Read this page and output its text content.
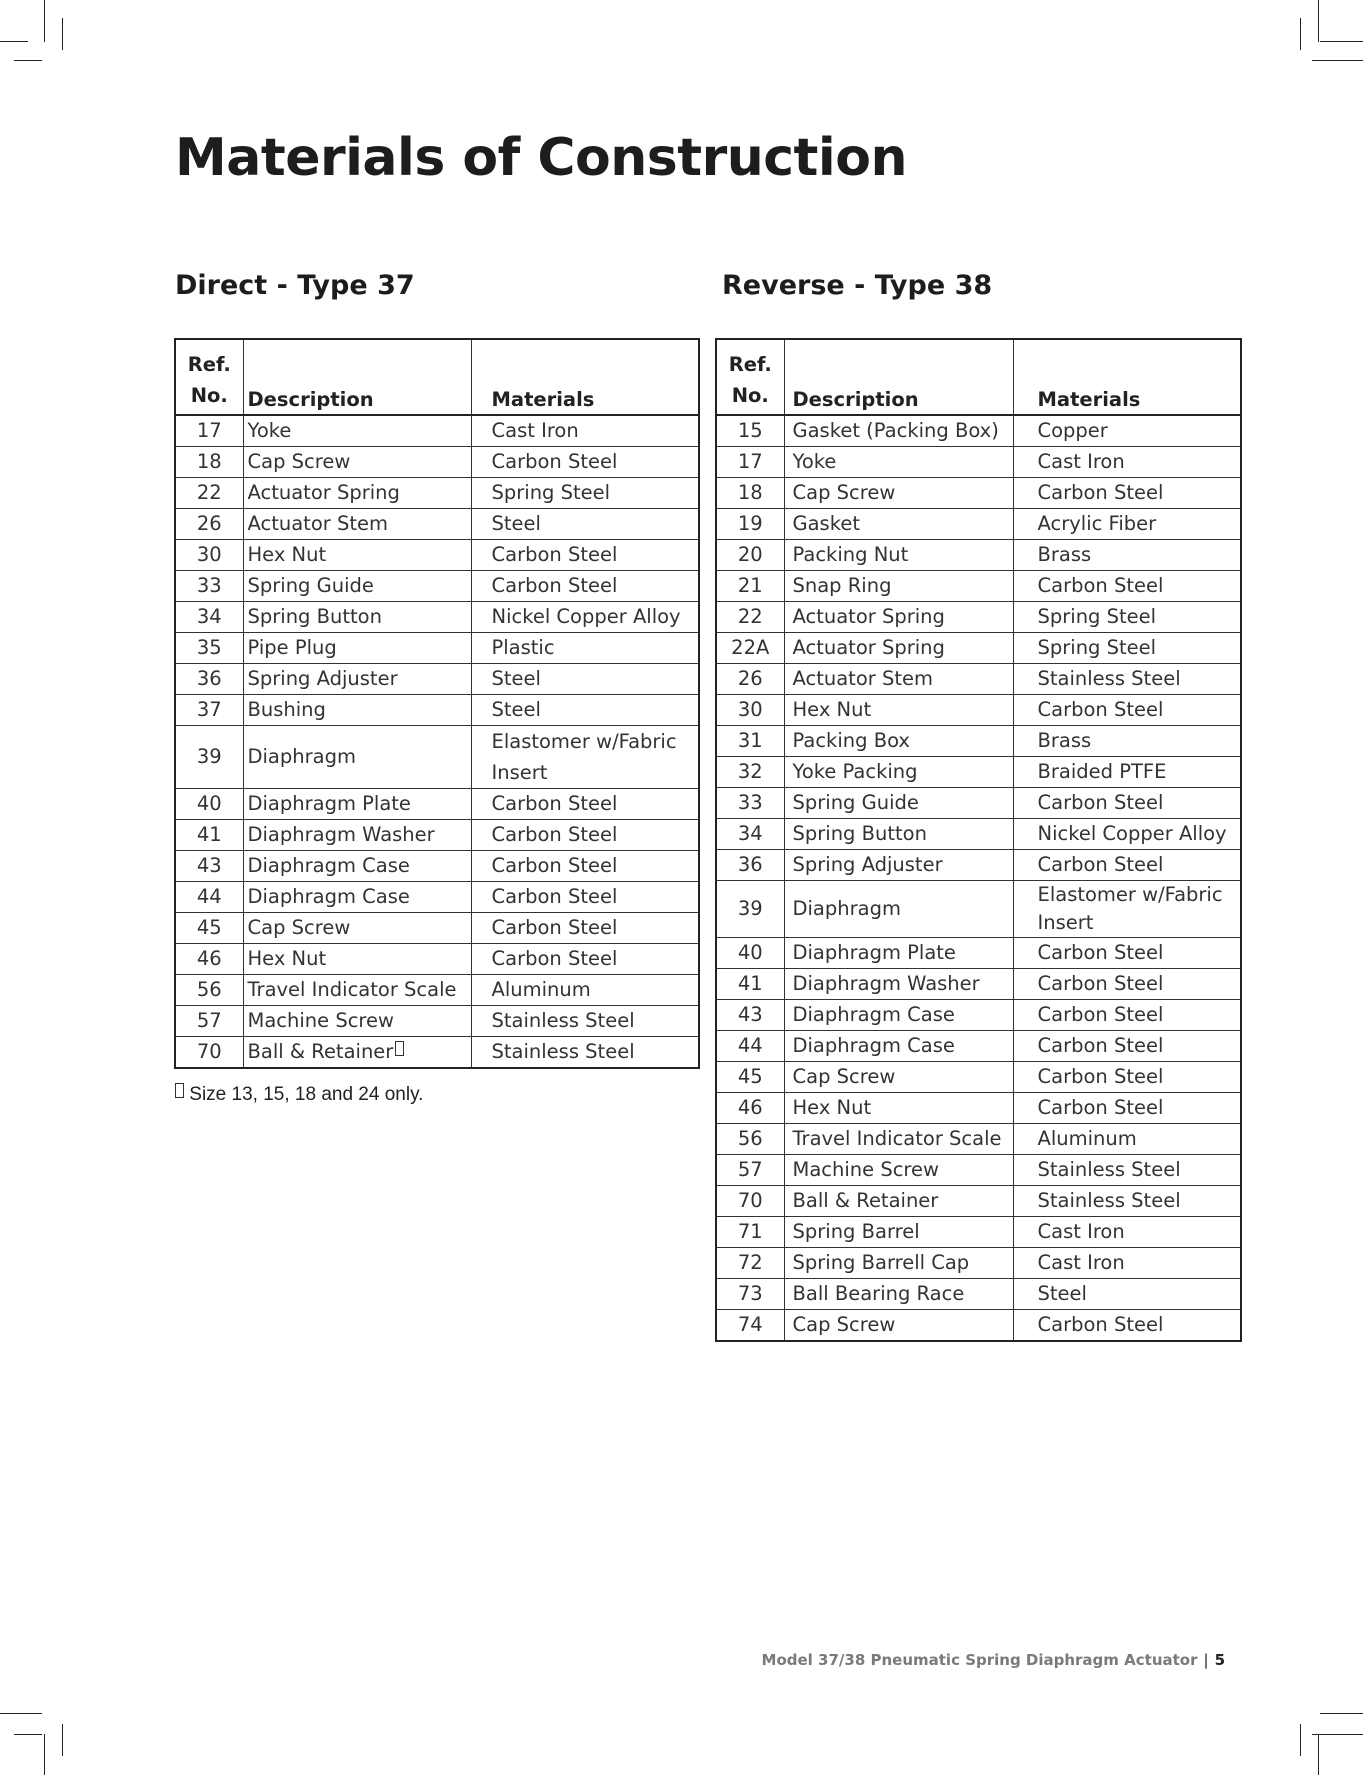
Materials of Construction
Direct - Type 37	Reverse - Type 38
Ref.
No.	Description	Materials
17	Yoke	Cast Iron
18	Cap Screw	Carbon Steel
22	Actuator Spring	Spring Steel
26	Actuator Stem	Steel
30	Hex Nut	Carbon Steel
33	Spring Guide	Carbon Steel
34	Spring Button	Nickel Copper Alloy
35	Pipe Plug	Plastic
36	Spring Adjuster	Steel
37	Bushing	Steel
39	Diaphragm	Elastomer w/Fabric Insert
40	Diaphragm Plate	Carbon Steel
41	Diaphragm Washer	Carbon Steel
43	Diaphragm Case	Carbon Steel
44	Diaphragm Case	Carbon Steel
45	Cap Screw	Carbon Steel
46	Hex Nut	Carbon Steel
56	Travel Indicator Scale	Aluminum
57	Machine Screw	Stainless Steel
70	Ball & Retainer	Stainless Steel
Size 13, 15, 18 and 24 only.
Ref.
No.	Description	Materials
15	Gasket (Packing Box)	Copper
17	Yoke	Cast Iron
18	Cap Screw	Carbon Steel
19	Gasket	Acrylic Fiber
20	Packing Nut	Brass
21	Snap Ring	Carbon Steel
22	Actuator Spring	Spring Steel
22A	Actuator Spring	Spring Steel
26	Actuator Stem	Stainless Steel
30	Hex Nut	Carbon Steel
31	Packing Box	Brass
32	Yoke Packing	Braided PTFE
33	Spring Guide	Carbon Steel
34	Spring Button	Nickel Copper Alloy
36	Spring Adjuster	Carbon Steel
39	Diaphragm	Elastomer w/Fabric Insert
40	Diaphragm Plate	Carbon Steel
41	Diaphragm Washer	Carbon Steel
43	Diaphragm Case	Carbon Steel
44	Diaphragm Case	Carbon Steel
45	Cap Screw	Carbon Steel
46	Hex Nut	Carbon Steel
56	Travel Indicator Scale	Aluminum
57	Machine Screw	Stainless Steel
70	Ball & Retainer	Stainless Steel
71	Spring Barrel	Cast Iron
72	Spring Barrell Cap	Cast Iron
73	Ball Bearing Race	Steel
74	Cap Screw	Carbon Steel
Model 37/38 Pneumatic Spring Diaphragm Actuator | 5
